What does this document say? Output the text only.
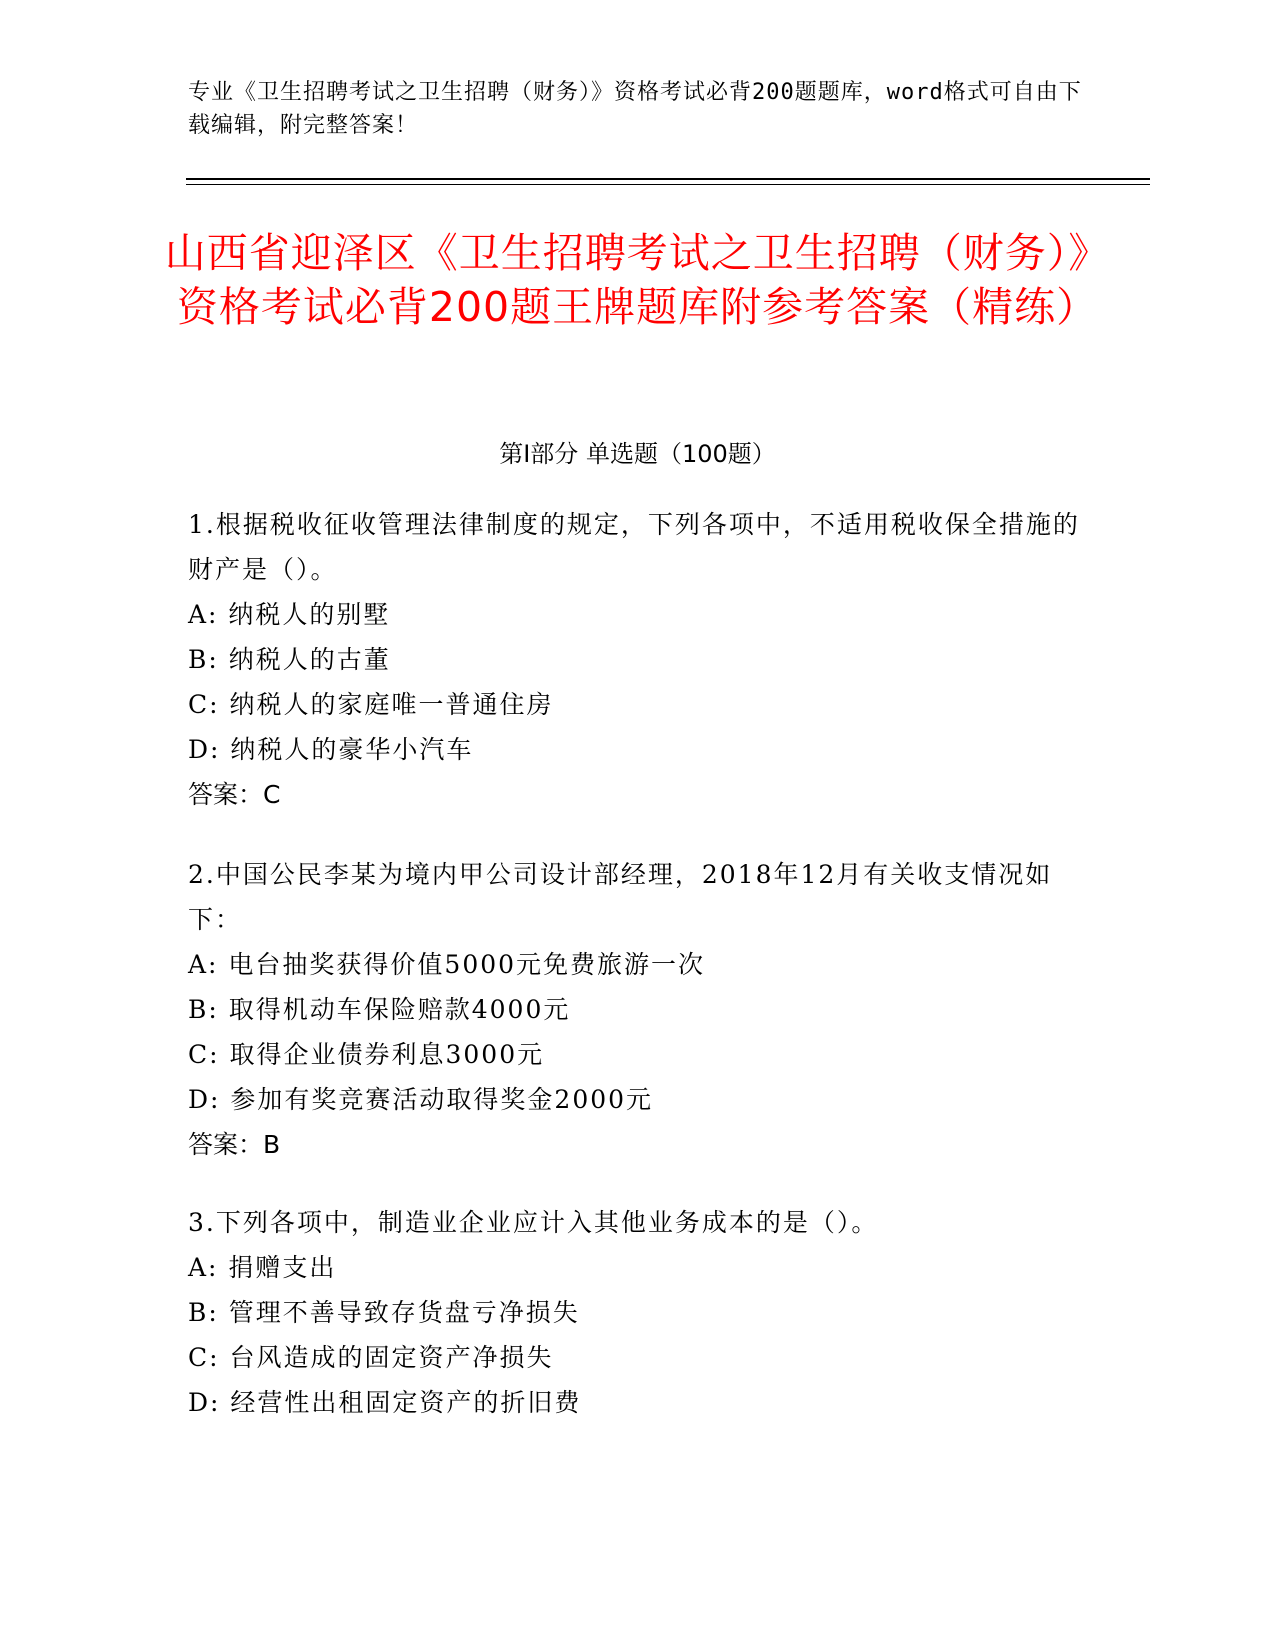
专业《卫生招聘考试之卫生招聘（财务）》资格考试必背200题题库，word格式可自由下载编辑，附完整答案！
山西省迎泽区《卫生招聘考试之卫生招聘（财务）》资格考试必背200题王牌题库附参考答案（精练）
第Ⅰ部分 单选题（100题）

1.根据税收征收管理法律制度的规定，下列各项中，不适用税收保全措施的财产是（）。

A: 纳税人的别墅

B: 纳税人的古董

C: 纳税人的家庭唯一普通住房

D: 纳税人的豪华小汽车

答案：C

2.中国公民李某为境内甲公司设计部经理，2018年12月有关收支情况如下：

A: 电台抽奖获得价值5000元免费旅游一次

B: 取得机动车保险赔款4000元

C: 取得企业债券利息3000元

D: 参加有奖竞赛活动取得奖金2000元

答案：B

3.下列各项中，制造业企业应计入其他业务成本的是（）。

A: 捐赠支出

B: 管理不善导致存货盘亏净损失

C: 台风造成的固定资产净损失

D: 经营性出租固定资产的折旧费
